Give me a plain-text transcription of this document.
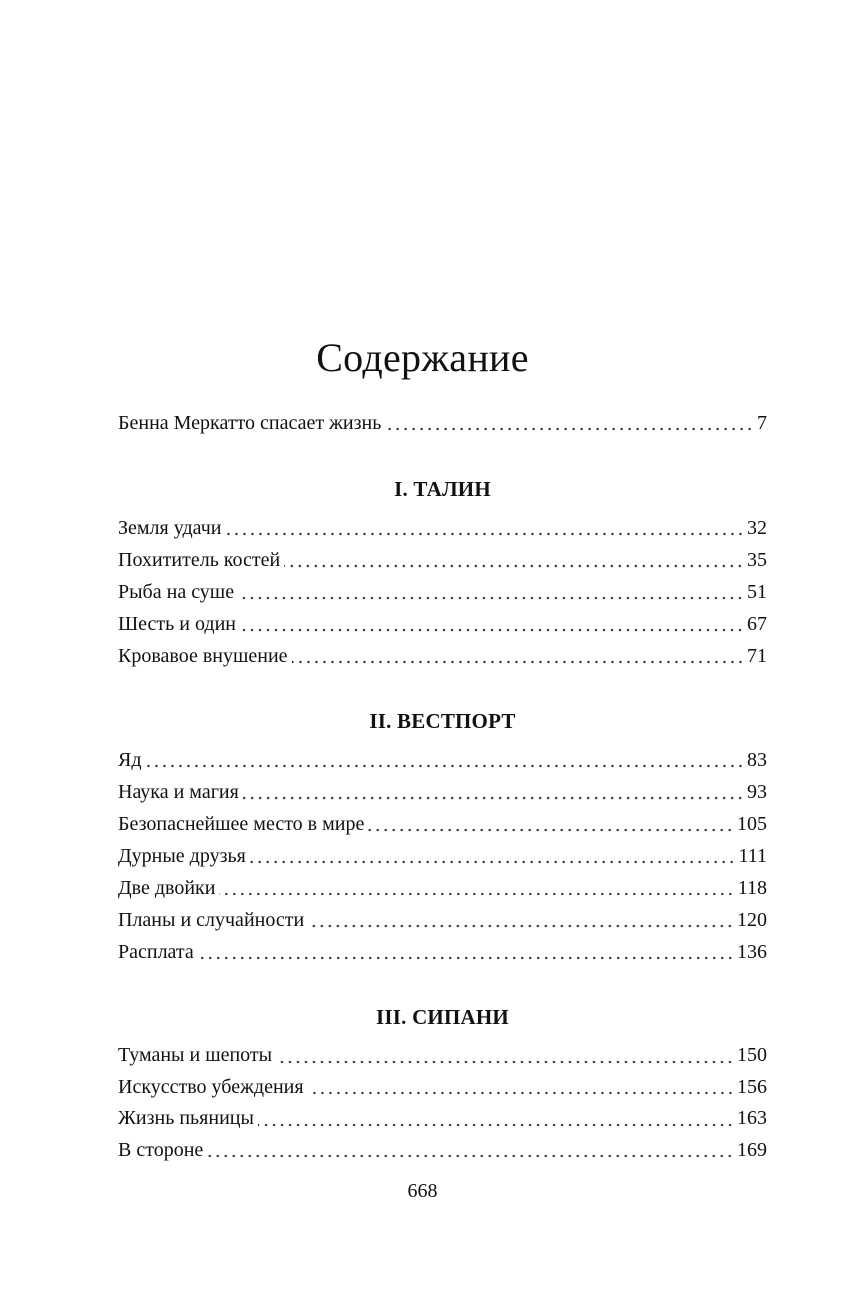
Содержание
Бенна Меркатто спасает жизнь	7
I. ТАЛИН
Земля удачи	32
Похититель костей	35
Рыба на суше	51
Шесть и один	67
Кровавое внушение	71
II. ВЕСТПОРТ
Яд	83
Наука и магия	93
Безопаснейшее место в мире	105
Дурные друзья	111
Две двойки	118
Планы и случайности	120
Расплата	136
III. СИПАНИ
Туманы и шепоты	150
Искусство убеждения	156
Жизнь пьяницы	163
В стороне	169
668
